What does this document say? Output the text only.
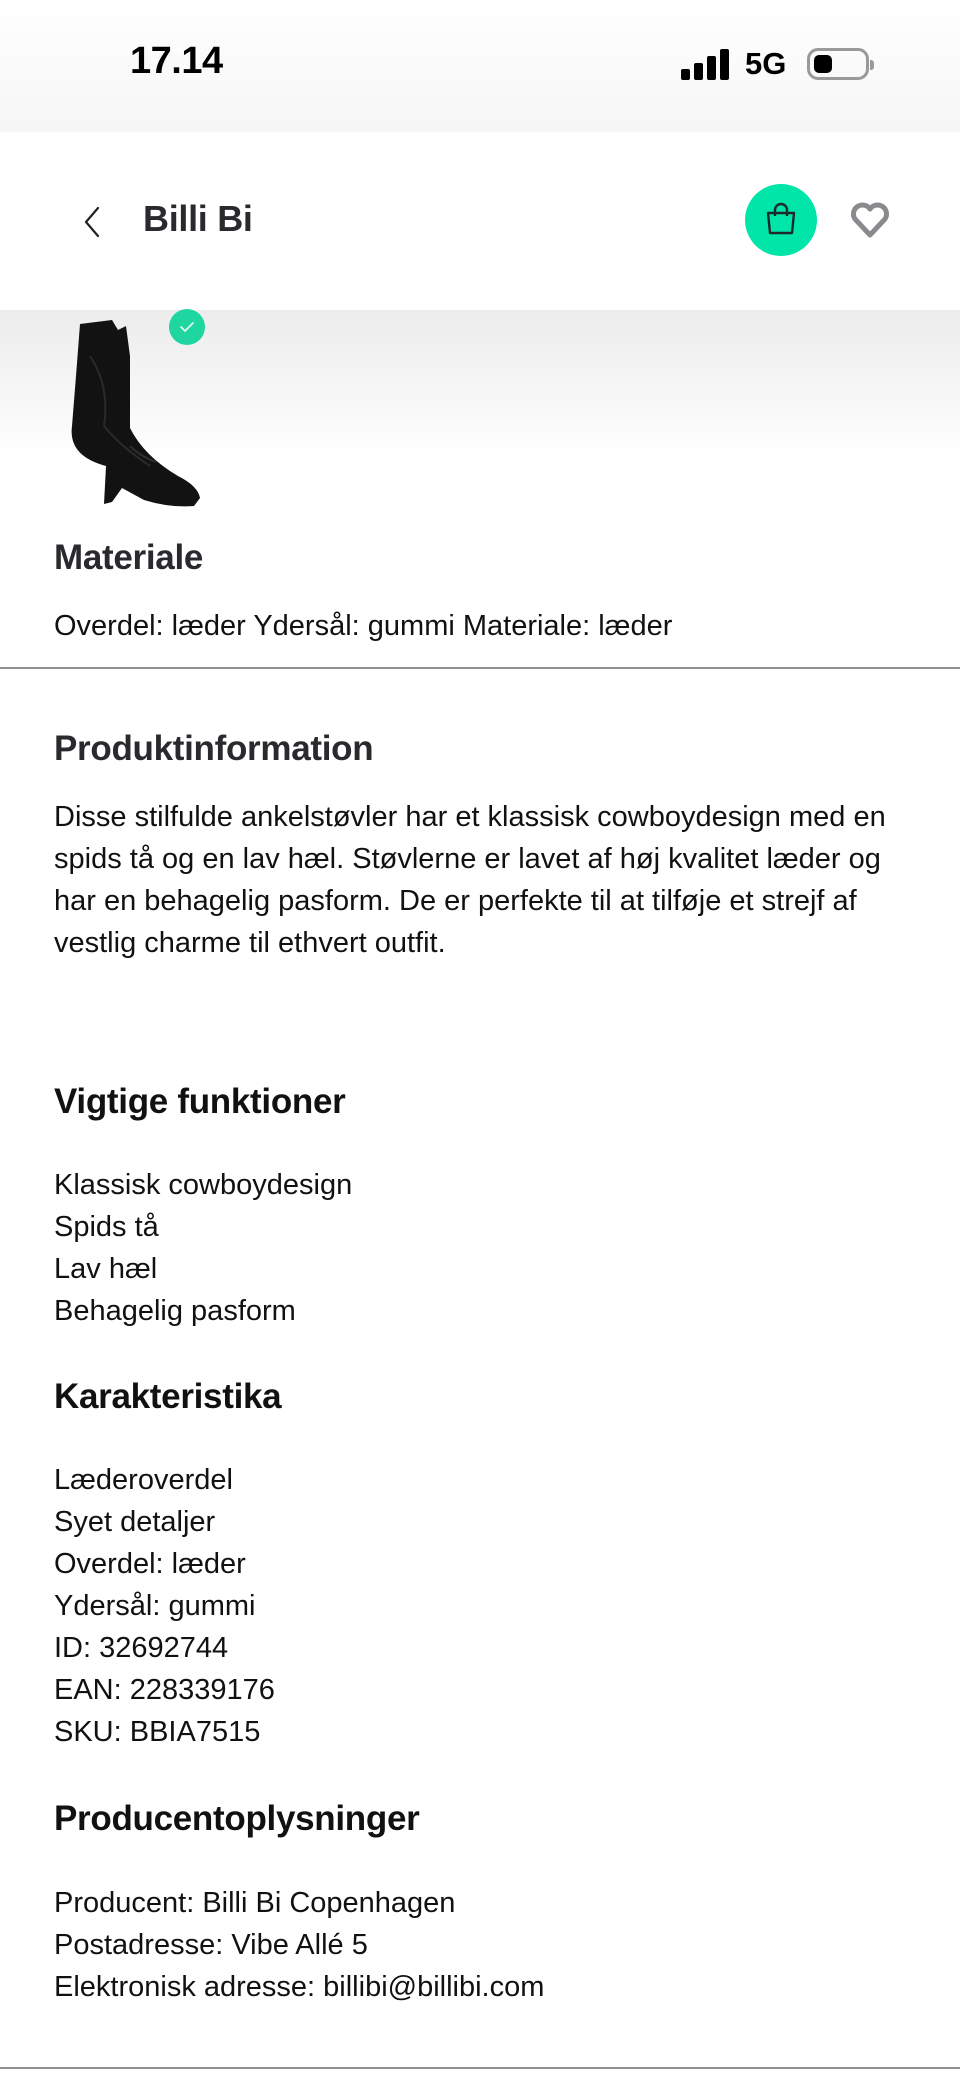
17.14	5G
Billi Bi
Materiale
Overdel: læder Ydersål: gummi Materiale: læder
Produktinformation

Disse stilfulde ankelstøvler har et klassisk cowboydesign med en spids tå og en lav hæl. Støvlerne er lavet af høj kvalitet læder og har en behagelig pasform. De er perfekte til at tilføje et strejf af vestlig charme til ethvert outfit.

Vigtige funktioner
Klassisk cowboydesign
Spids tå
Lav hæl
Behagelig pasform
Karakteristika
Læderoverdel
Syet detaljer
Overdel: læder
Ydersål: gummi
ID: 32692744
EAN: 228339176
SKU: BBIA7515
Producentoplysninger
Producent: Billi Bi Copenhagen
Postadresse: Vibe Allé 5
Elektronisk adresse: billibi@billibi.com
